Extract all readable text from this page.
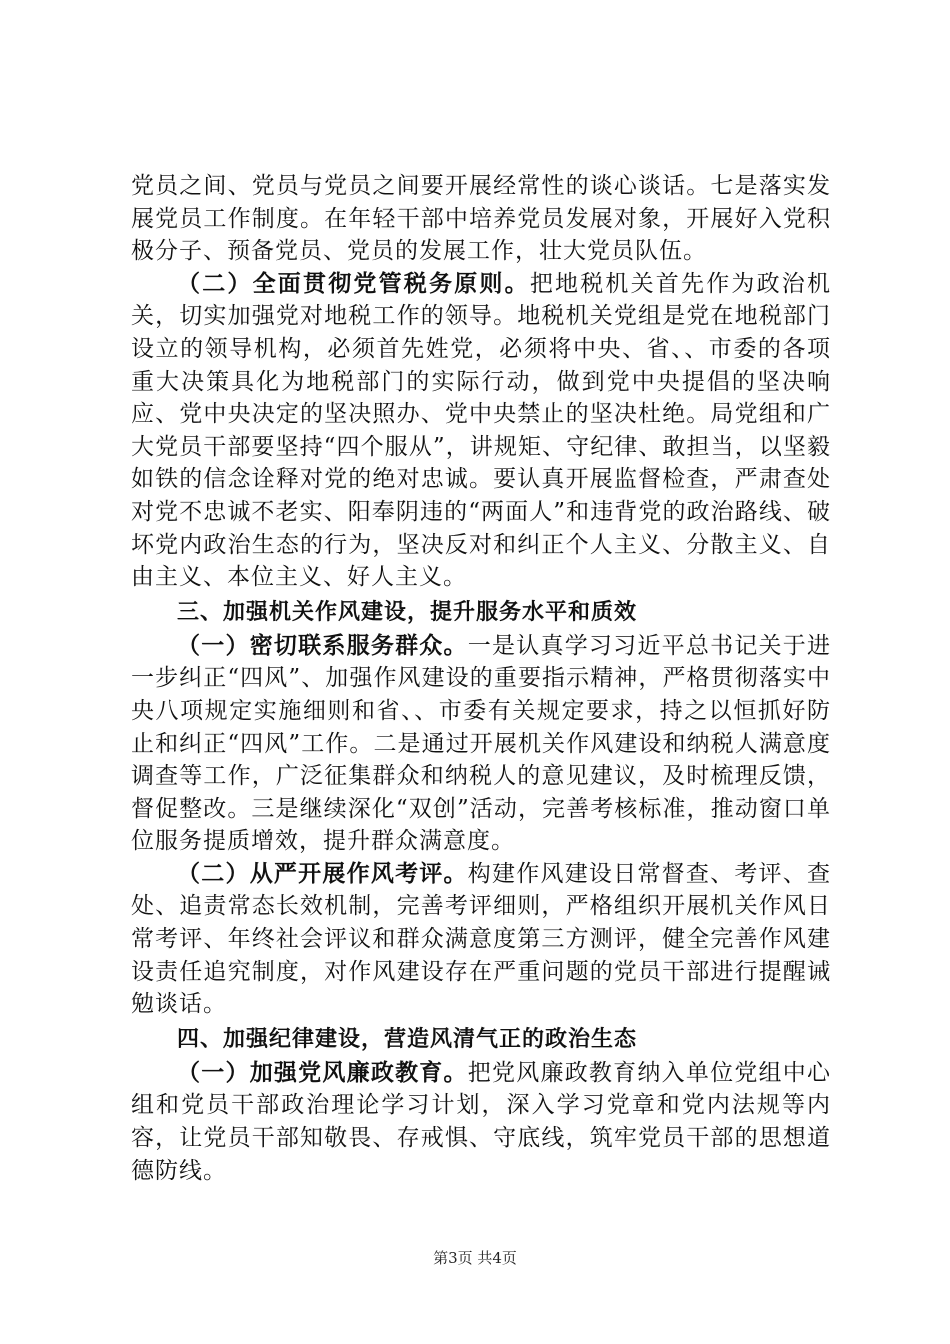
党员之间、党员与党员之间要开展经常性的谈心谈话。七是落实发展党员工作制度。在年轻干部中培养党员发展对象，开展好入党积极分子、预备党员、党员的发展工作，壮大党员队伍。

（二）全面贯彻党管税务原则。把地税机关首先作为政治机关，切实加强党对地税工作的领导。地税机关党组是党在地税部门设立的领导机构，必须首先姓党，必须将中央、省、、市委的各项重大决策具化为地税部门的实际行动，做到党中央提倡的坚决响应、党中央决定的坚决照办、党中央禁止的坚决杜绝。局党组和广大党员干部要坚持“四个服从”，讲规矩、守纪律、敢担当，以坚毅如铁的信念诠释对党的绝对忠诚。要认真开展监督检查，严肃查处对党不忠诚不老实、阳奉阴违的“两面人”和违背党的政治路线、破坏党内政治生态的行为，坚决反对和纠正个人主义、分散主义、自由主义、本位主义、好人主义。

三、加强机关作风建设，提升服务水平和质效

（一）密切联系服务群众。一是认真学习习近平总书记关于进一步纠正“四风”、加强作风建设的重要指示精神，严格贯彻落实中央八项规定实施细则和省、、市委有关规定要求，持之以恒抓好防止和纠正“四风”工作。二是通过开展机关作风建设和纳税人满意度调查等工作，广泛征集群众和纳税人的意见建议，及时梳理反馈，督促整改。三是继续深化“双创”活动，完善考核标准，推动窗口单位服务提质增效，提升群众满意度。

（二）从严开展作风考评。构建作风建设日常督查、考评、查处、追责常态长效机制，完善考评细则，严格组织开展机关作风日常考评、年终社会评议和群众满意度第三方测评，健全完善作风建设责任追究制度，对作风建设存在严重问题的党员干部进行提醒诫勉谈话。

四、加强纪律建设，营造风清气正的政治生态

（一）加强党风廉政教育。把党风廉政教育纳入单位党组中心组和党员干部政治理论学习计划，深入学习党章和党内法规等内容，让党员干部知敬畏、存戒惧、守底线，筑牢党员干部的思想道德防线。

第3页 共4页
